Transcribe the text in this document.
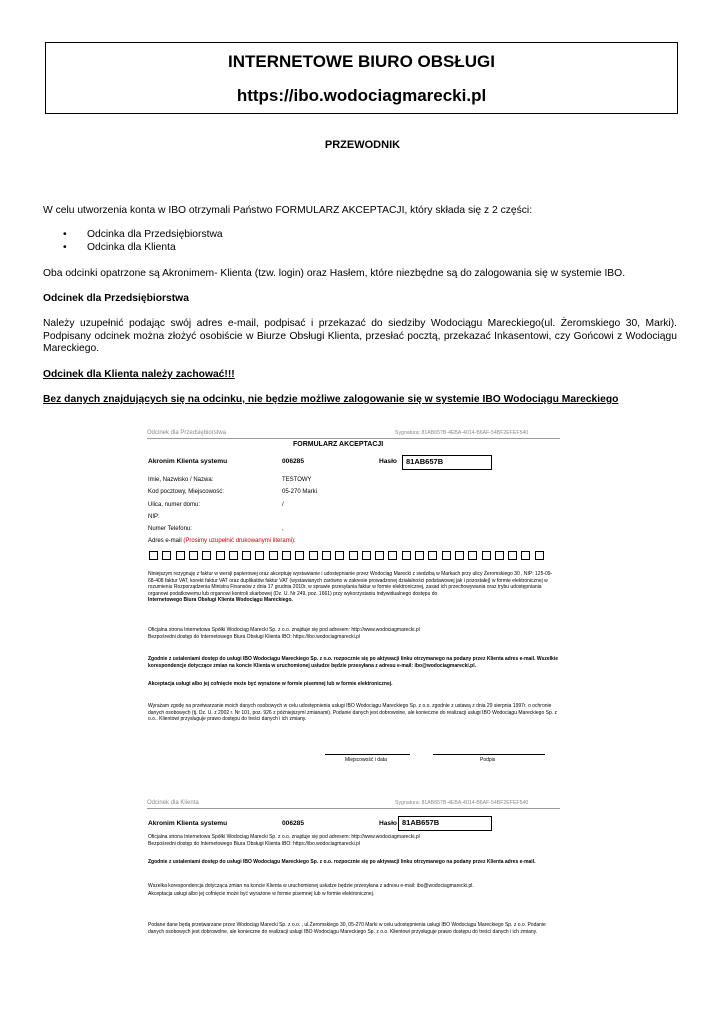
INTERNETOWE BIURO OBSŁUGI
https://ibo.wodociagmarecki.pl
PRZEWODNIK
W celu utworzenia konta w IBO otrzymali Państwo FORMULARZ AKCEPTACJI, który składa się z 2 części:
• Odcinka dla Przedsiębiorstwa
• Odcinka dla Klienta
Oba odcinki opatrzone są Akronimem- Klienta (tzw. login) oraz Hasłem, które niezbędne są do zalogowania się w systemie IBO.
Odcinek dla Przedsiębiorstwa
Należy uzupełnić podając swój adres e-mail, podpisać i przekazać do siedziby Wodociągu Mareckiego(ul. Żeromskiego 30, Marki). Podpisany odcinek można złożyć osobiście w Biurze Obsługi Klienta, przesłać pocztą, przekazać Inkasentowi, czy Gońcowi z Wodociągu Mareckiego.
Odcinek dla Klienta należy zachować!!!
Bez danych znajdujących się na odcinku, nie będzie możliwe zalogowanie się w systemie IBO Wodociągu Mareckiego
Odcinek dla Przedsiębiorstwa	Sygnatura: 81AB657B-4EBA-4014-B6AF-54BF2EFEF540
FORMULARZ AKCEPTACJI
Akronim Klienta systemu	006285	Hasło	81AB657B
Imie, Nazwisko / Nazwa:	TESTOWY
Kod pocztowy, Miejscowość:	05-270 Marki
Ulica, numer domu:	/
NIP:
Numer Telefonu:	,
Adres e-mail (Prosimy uzupełnić drukowanymi literami):
Niniejszym rezygnuję z faktur w wersji papierowej oraz akceptuję wystawianie i udostępnianie przez Wodociąg Marecki z siedzibą w Markach przy ulicy Żeromskiego 30 , NIP: 125-09-68-408 faktur VAT, korekt faktur VAT oraz duplikatów faktur VAT (wystawianych zarówno w zakresie prowadzonej działalności podstawowej jak i pozostałej) w formie elektronicznej w rozumieniu Rozporządzenia Ministra Finansów z dnia 17 grudnia 2010r. w sprawie przesyłania faktur w formie elektronicznej, zasad ich przechowywania oraz trybu udostępniania organowi podatkowemu lub organowi kontroli skarbowej (Dz. U. Nr 249, poz. 1661) przy wykorzystaniu indywidualnego dostępu do
Internetowego Biura Obsługi Klienta Wodociągu Mareckiego.
Oficjalna strona Internetowa Spółki Wodociąg Marecki Sp. z o.o. znajduje się pod adresem: http://www.wodociagmarecki.pl
Bezpośredni dostęp do Internetowego Biura Obsługi Klienta IBO: https://ibo.wodociagmarecki.pl
Zgodnie z ustaleniami dostęp do usługi IBO Wodociągu Mareckiego Sp. z o.o. rozpocznie się po aktywacji linku otrzymanego na podany przez Klienta adres e-mail. Wszelkie korespondencje dotyczące zmian na koncie Klienta w uruchomionej usłudze będzie przesyłana z adresu e-mail: ibo@wodociagmarecki.pl.
Akceptacja usługi albo jej cofnięcie może być wyrażone w formie pisemnej lub w formie elektronicznej.
Wyrażam zgodę na przetwarzanie moich danych osobowych w celu udostępnienia usługi IBO Wodociągu Mareckiego Sp. z o.o. zgodnie z ustawą z dnia 29 sierpnia 1997r. o ochronie danych osobowych (tj. Dz. U. z 2002 r. Nr 101, poz. 926 z późniejszymi zmianami). Podanie danych jest dobrowolne, ale konieczne do realizacji usługi IBO Wodociągu Mareckiego Sp. z o.o.. Klientowi przysługuje prawo dostępu do treści danych i ich zmiany.
Miejscowość i data	Podpis
Odcinek dla Klienta	Sygnatura: 81AB657B-4EBA-4014-B6AF-54BF2EFEF540
Akronim Klienta systemu	006285	Hasło 81AB657B
Oficjalna strona Internetowa Spółki Wodociąg Marecki Sp. z o.o. znajduje się pod adresem: http://www.wodociagmarecki.pl
Bezpośredni dostęp do Internetowego Biura Obsługi Klienta IBO: https://ibo.wodociagmarecki.pl
Zgodnie z ustaleniami dostęp do usługi IBO Wodociągu Mareckiego Sp. z o.o. rozpocznie się po aktywacji linku otrzymanego na podany przez Klienta adres e-mail.
Wszelka korespondencja dotycząca zmian na koncie Klienta w uruchomionej usłudze będzie przesyłana z adresu e-mail: ibo@wodociagmarecki.pl.
Akceptacja usługi albo jej cofnięcie może być wyrażone w formie pisemnej lub w formie elektronicznej.
Podane dane będą przetwarzane przez Wodociąg Marecki Sp. z o.o. , ul.Żeromskiego 30, 05-270 Marki w celu udostępnienia usługi IBO Wodociągu Mareckiego Sp. z o.o. Podanie danych osobowych jest dobrowolne, ale konieczne do realizacji usługi IBO Wodociągu Mareckiego Sp. z o.o. Klientowi przysługuje prawo dostępu do treści danych i ich zmiany.
